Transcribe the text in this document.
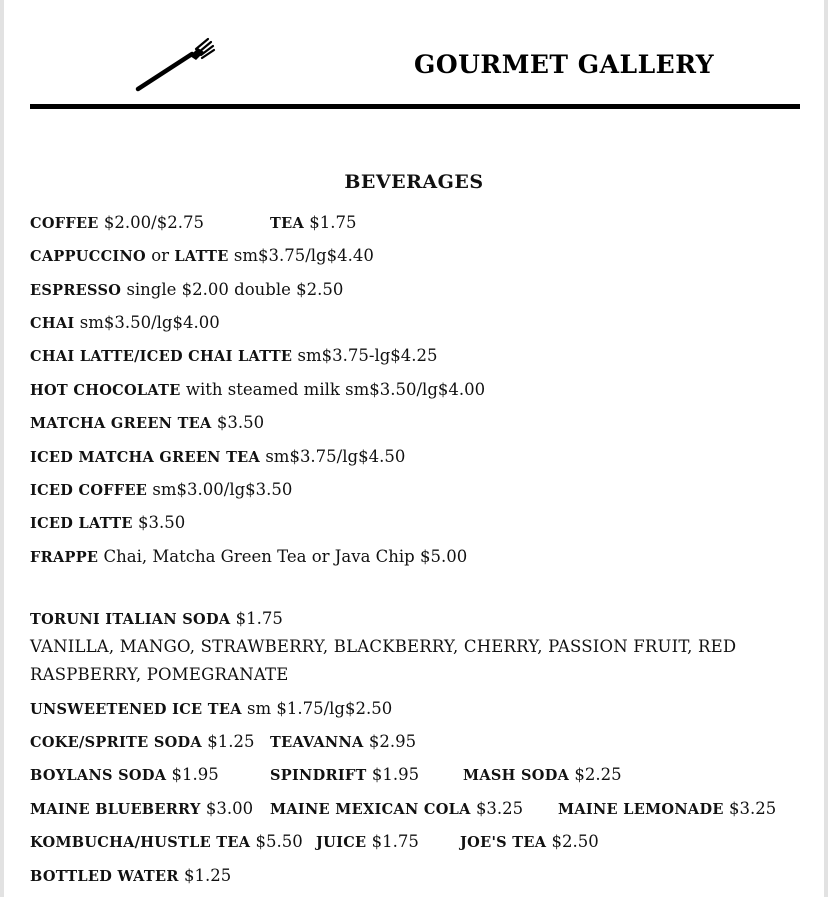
GOURMET GALLERY
BEVERAGES
COFFEE $2.00/$2.75	TEA $1.75
CAPPUCCINO or LATTE sm$3.75/lg$4.40
ESPRESSO single $2.00 double $2.50
CHAI sm$3.50/lg$4.00
CHAI LATTE/ICED CHAI LATTE sm$3.75-lg$4.25
HOT CHOCOLATE with steamed milk sm$3.50/lg$4.00
MATCHA GREEN TEA $3.50
ICED MATCHA GREEN TEA sm$3.75/lg$4.50
ICED COFFEE sm$3.00/lg$3.50
ICED LATTE $3.50
FRAPPE Chai, Matcha Green Tea or Java Chip $5.00
TORUNI ITALIAN SODA $1.75
VANILLA, MANGO, STRAWBERRY, BLACKBERRY, CHERRY, PASSION FRUIT, RED RASPBERRY, POMEGRANATE
UNSWEETENED ICE TEA sm $1.75/lg$2.50
COKE/SPRITE SODA $1.25 TEAVANNA $2.95
BOYLANS SODA $1.95	SPINDRIFT $1.95	MASH SODA $2.25
MAINE BLUEBERRY $3.00 MAINE MEXICAN COLA $3.25 MAINE LEMONADE $3.25
KOMBUCHA/HUSTLE TEA $5.50 JUICE $1.75	JOE'S TEA $2.50
BOTTLED WATER $1.25
